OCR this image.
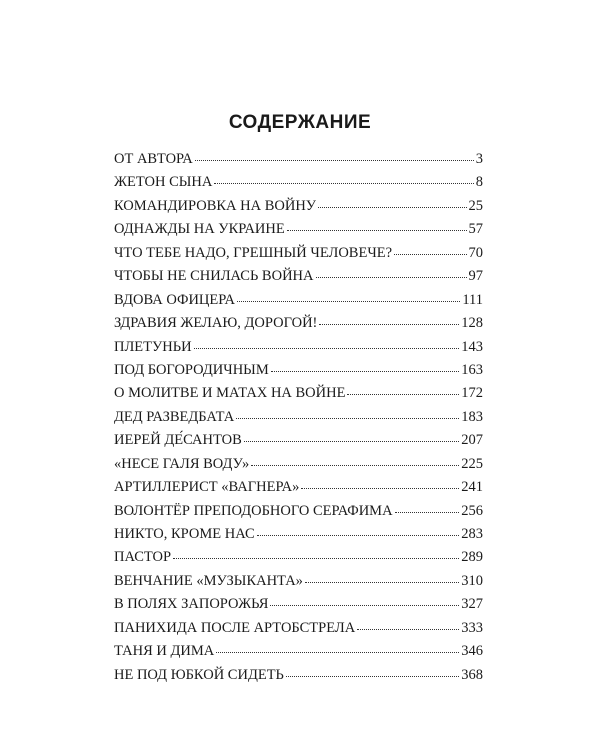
СОДЕРЖАНИЕ
ОТ АВТОРА	3
ЖЕТОН СЫНА	8
КОМАНДИРОВКА НА ВОЙНУ	25
ОДНАЖДЫ НА УКРАИНЕ	57
ЧТО ТЕБЕ НАДО, ГРЕШНЫЙ ЧЕЛОВЕЧЕ?	70
ЧТОБЫ НЕ СНИЛАСЬ ВОЙНА	97
ВДОВА ОФИЦЕРА	111
ЗДРАВИЯ ЖЕЛАЮ, ДОРОГОЙ!	128
ПЛЕТУНЬИ	143
ПОД БОГОРОДИЧНЫМ	163
О МОЛИТВЕ И МАТАХ НА ВОЙНЕ	172
ДЕД РАЗВЕДБАТА	183
ИЕРЕЙ ДЕ́САНТОВ	207
«НЕСЕ ГАЛЯ ВОДУ»	225
АРТИЛЛЕРИСТ «ВАГНЕРА»	241
ВОЛОНТЁР ПРЕПОДОБНОГО СЕРАФИМА	256
НИКТО, КРОМЕ НАС	283
ПАСТОР	289
ВЕНЧАНИЕ «МУЗЫКАНТА»	310
В ПОЛЯХ ЗАПОРОЖЬЯ	327
ПАНИХИДА ПОСЛЕ АРТОБСТРЕЛА	333
ТАНЯ И ДИМА	346
НЕ ПОД ЮБКОЙ СИДЕТЬ	368
